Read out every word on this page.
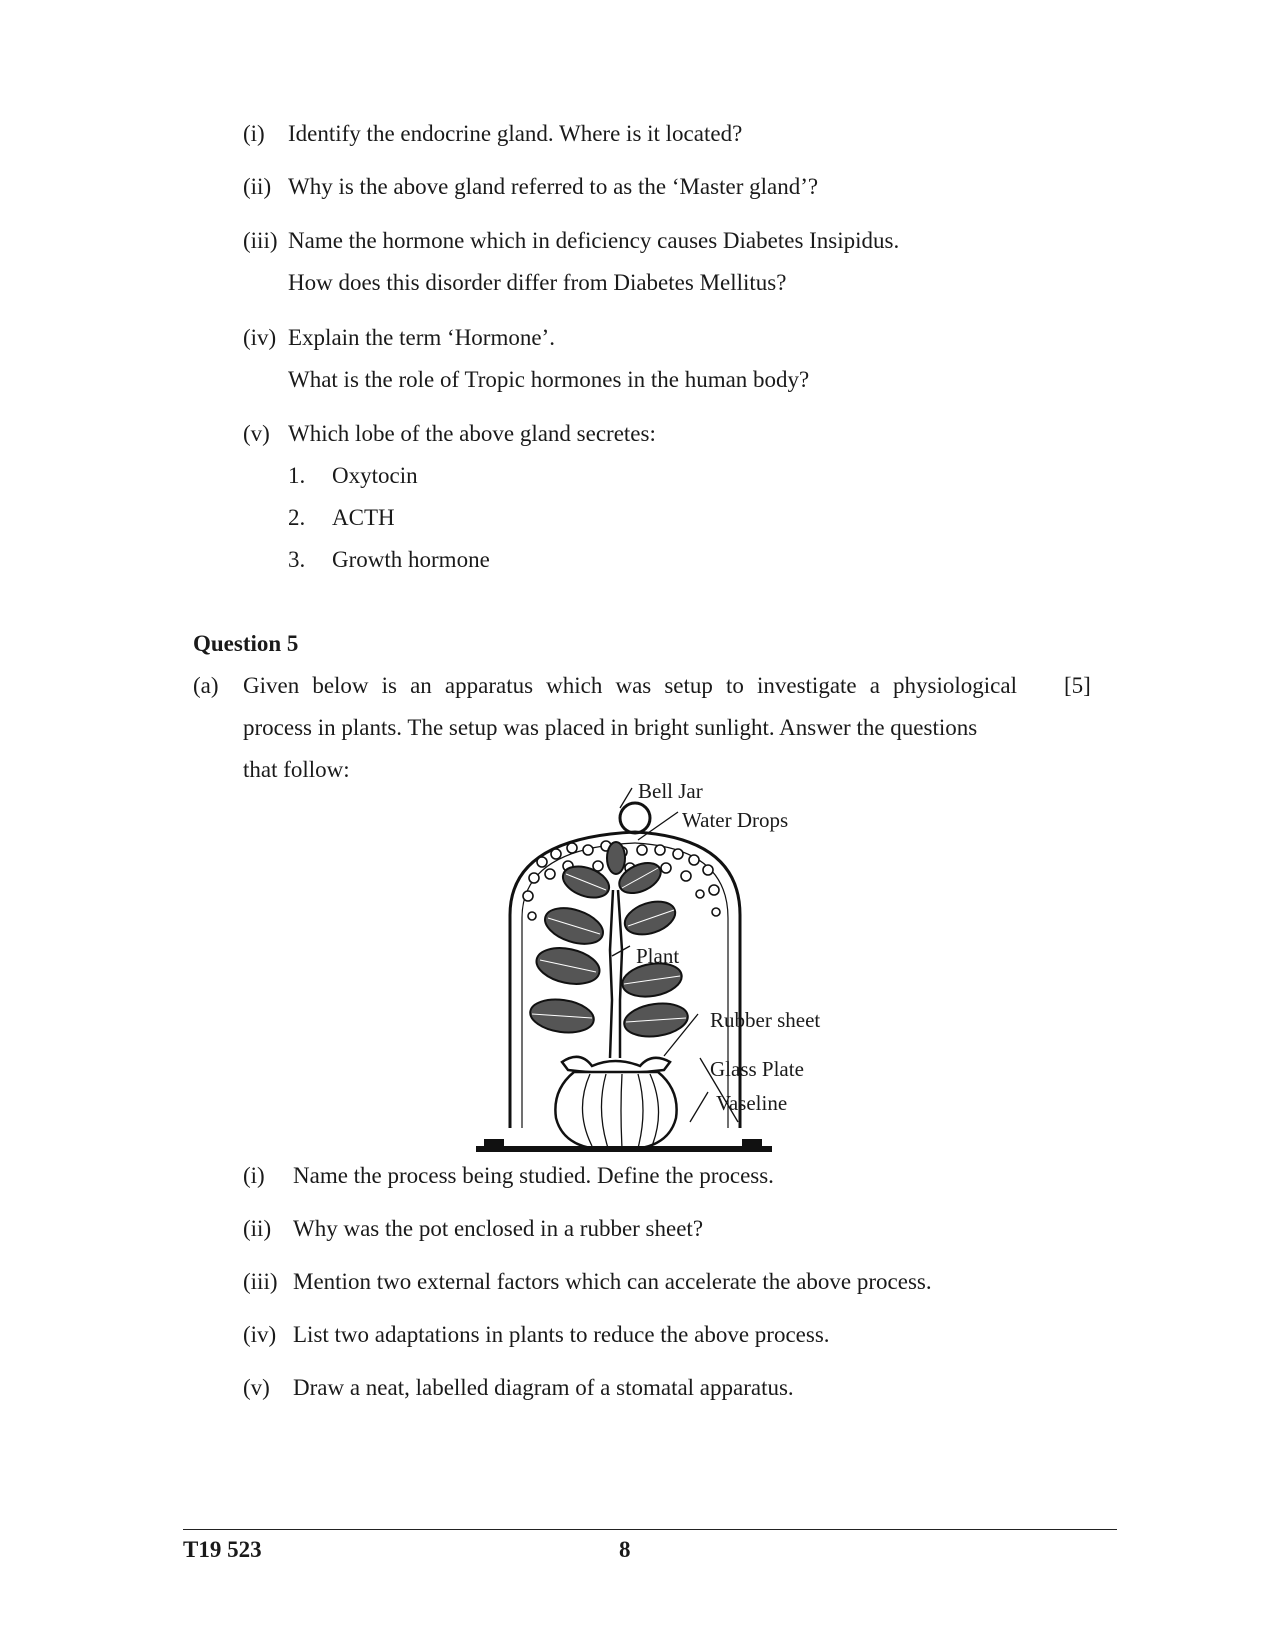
(i) Identify the endocrine gland. Where is it located?
(ii) Why is the above gland referred to as the ‘Master gland’?
(iii) Name the hormone which in deficiency causes Diabetes Insipidus.
How does this disorder differ from Diabetes Mellitus?
(iv) Explain the term ‘Hormone’.
What is the role of Tropic hormones in the human body?
(v) Which lobe of the above gland secretes:
1. Oxytocin
2. ACTH
3. Growth hormone
Question 5
(a) Given below is an apparatus which was setup to investigate a physiological
process in plants. The setup was placed in bright sunlight. Answer the questions
that follow:
[5]
Bell Jar
Water Drops
Plant
Rubber sheet
Glass Plate
Vaseline
(i) Name the process being studied. Define the process.
(ii) Why was the pot enclosed in a rubber sheet?
(iii) Mention two external factors which can accelerate the above process.
(iv) List two adaptations in plants to reduce the above process.
(v) Draw a neat, labelled diagram of a stomatal apparatus.
T19 523	8
